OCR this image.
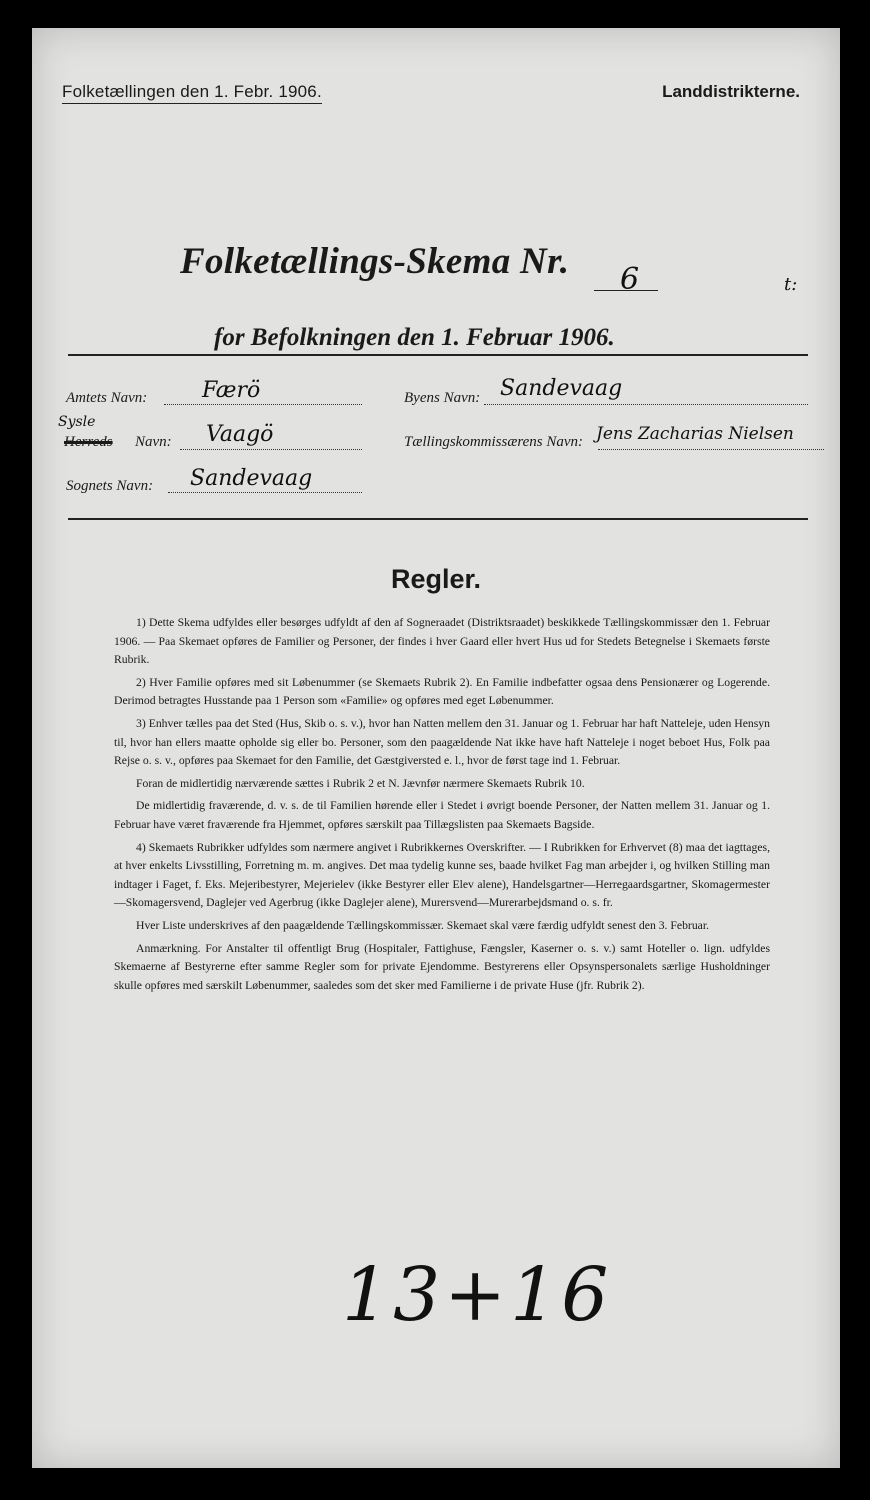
Folketællingen den 1. Febr. 1906.	Landdistrikterne.
Folketællings-Skema Nr. 6	t:
for Befolkningen den 1. Februar 1906.
Amtets Navn: Færö
Sysle
Herreds Navn: Vaagö
Sognets Navn: Sandevaag
Byens Navn: Sandevaag
Tællingskommissærens Navn: Jens Zacharias Nielsen
Regler.

1) Dette Skema udfyldes eller besørges udfyldt af den af Sogneraadet (Distriktsraadet) beskikkede Tællingskommissær den 1. Februar 1906. — Paa Skemaet opføres de Familier og Personer, der findes i hver Gaard eller hvert Hus ud for Stedets Betegnelse i Skemaets første Rubrik.

2) Hver Familie opføres med sit Løbenummer (se Skemaets Rubrik 2). En Familie indbefatter ogsaa dens Pensionærer og Logerende. Derimod betragtes Husstande paa 1 Person som «Familie» og opføres med eget Løbenummer.

3) Enhver tælles paa det Sted (Hus, Skib o. s. v.), hvor han Natten mellem den 31. Januar og 1. Februar har haft Natteleje, uden Hensyn til, hvor han ellers maatte opholde sig eller bo. Personer, som den paagældende Nat ikke have haft Natteleje i noget beboet Hus, Folk paa Rejse o. s. v., opføres paa Skemaet for den Familie, det Gæstgiversted e. l., hvor de først tage ind 1. Februar.

Foran de midlertidig nærværende sættes i Rubrik 2 et N. Jævnfør nærmere Skemaets Rubrik 10.

De midlertidig fraværende, d. v. s. de til Familien hørende eller i Stedet i øvrigt boende Personer, der Natten mellem 31. Januar og 1. Februar have været fraværende fra Hjemmet, opføres særskilt paa Tillægslisten paa Skemaets Bagside.

4) Skemaets Rubrikker udfyldes som nærmere angivet i Rubrikkernes Overskrifter. — I Rubrikken for Erhvervet (8) maa det iagttages, at hver enkelts Livsstilling, Forretning m. m. angives. Det maa tydelig kunne ses, baade hvilket Fag man arbejder i, og hvilken Stilling man indtager i Faget, f. Eks. Mejeribestyrer, Mejerielev (ikke Bestyrer eller Elev alene), Handelsgartner—Herregaardsgartner, Skomagermester—Skomagersvend, Daglejer ved Agerbrug (ikke Daglejer alene), Murersvend—Murerarbejdsmand o. s. fr.

Hver Liste underskrives af den paagældende Tællingskommissær. Skemaet skal være færdig udfyldt senest den 3. Februar.

Anmærkning. For Anstalter til offentligt Brug (Hospitaler, Fattighuse, Fængsler, Kaserner o. s. v.) samt Hoteller o. lign. udfyldes Skemaerne af Bestyrerne efter samme Regler som for private Ejendomme. Bestyrerens eller Opsynspersonalets særlige Husholdninger skulle opføres med særskilt Løbenummer, saaledes som det sker med Familierne i de private Huse (jfr. Rubrik 2).

13+16
